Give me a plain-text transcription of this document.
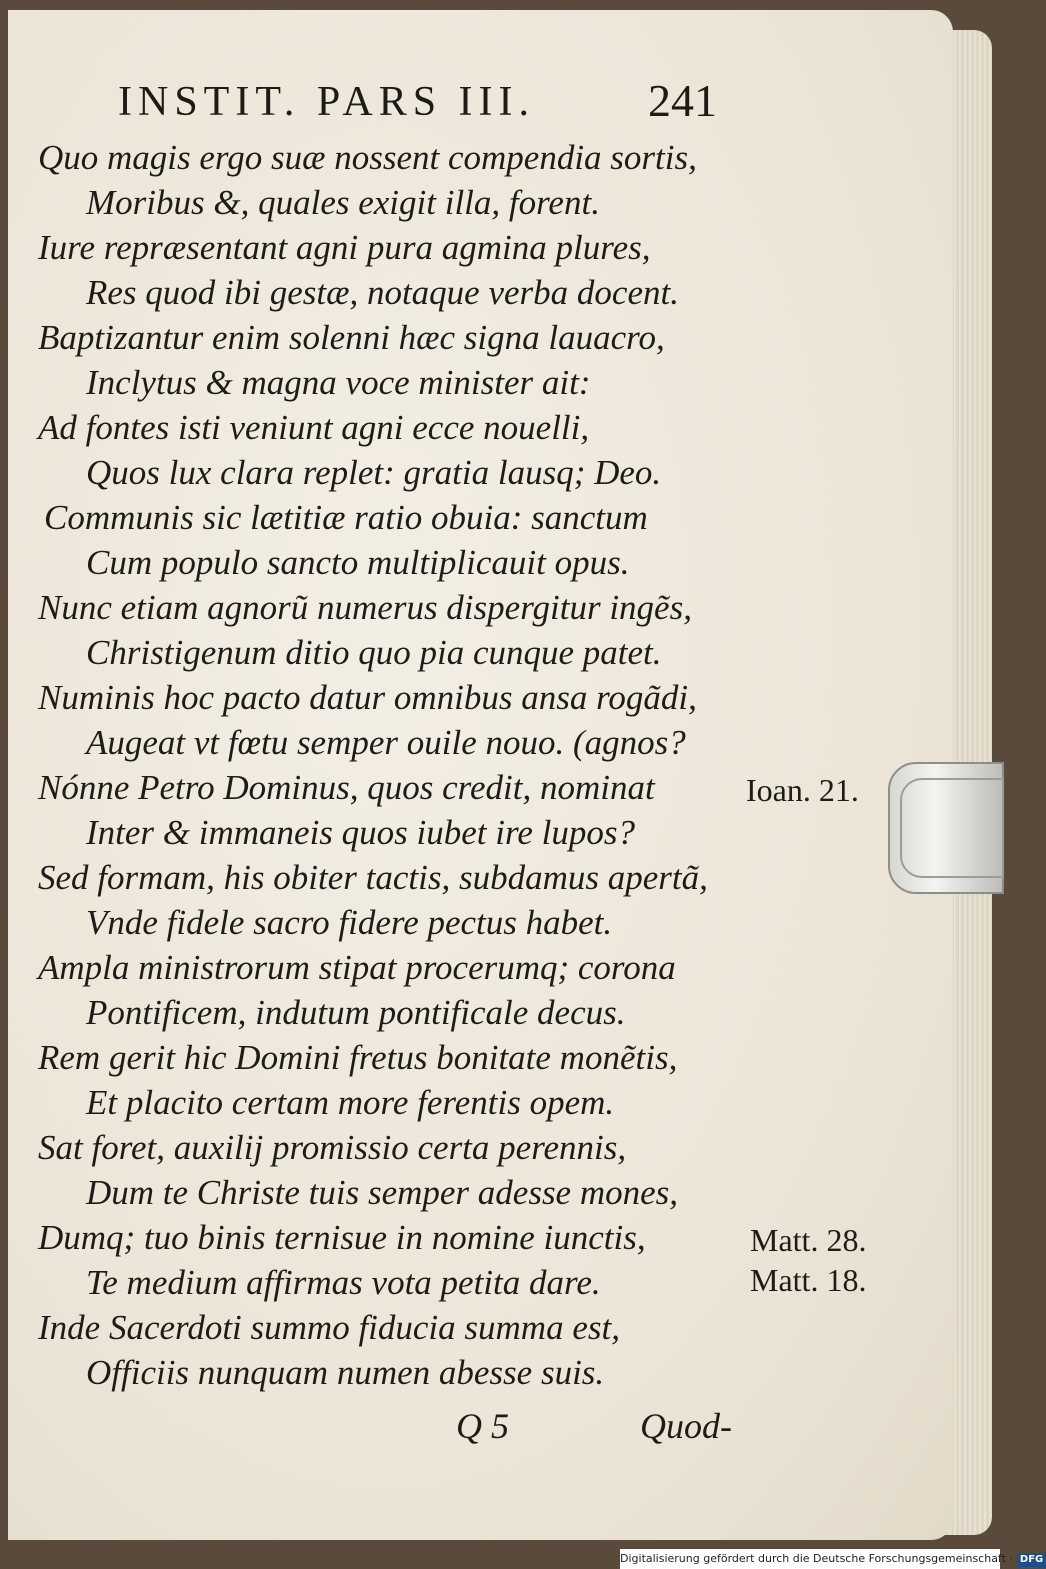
INSTIT. PARS III. 241
Quo magis ergo suæ nossent compendia sortis,
Moribus &, quales exigit illa, forent.
Iure repræsentant agni pura agmina plures,
Res quod ibi gestæ, notaque verba docent.
Baptizantur enim solenni hæc signa lauacro,
Inclytus & magna voce minister ait:
Ad fontes isti veniunt agni ecce nouelli,
Quos lux clara replet: gratia lausq; Deo.
Communis sic lætitiæ ratio obuia: sanctum
Cum populo sancto multiplicauit opus.
Nunc etiam agnorũ numerus dispergitur ingẽs,
Christigenum ditio quo pia cunque patet.
Numinis hoc pacto datur omnibus ansa rogãdi,
Augeat vt fœtu semper ouile nouo. (agnos?
Nónne Petro Dominus, quos credit, nominat
Inter & immaneis quos iubet ire lupos?
Sed formam, his obiter tactis, subdamus apertã,
Vnde fidele sacro fidere pectus habet.
Ampla ministrorum stipat procerumq; corona
Pontificem, indutum pontificale decus.
Rem gerit hic Domini fretus bonitate monẽtis,
Et placito certam more ferentis opem.
Sat foret, auxilij promissio certa perennis,
Dum te Christe tuis semper adesse mones,
Dumq; tuo binis ternisue in nomine iunctis,
Te medium affirmas vota petita dare.
Inde Sacerdoti summo fiducia summa est,
Officiis nunquam numen abesse suis.
Ioan. 21.
Matt. 28.
Matt. 18.
Q 5	Quod-
Digitalisierung gefördert durch die Deutsche Forschungsgemeinschaft · DFG
